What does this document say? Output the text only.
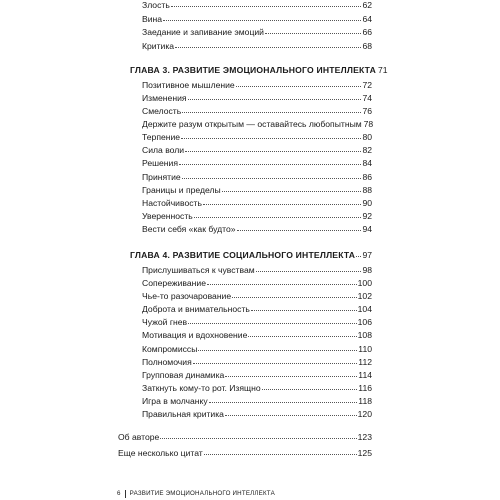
Злость	62
Вина	64
Заедание и запивание эмоций	66
Критика	68
ГЛАВА 3. РАЗВИТИЕ ЭМОЦИОНАЛЬНОГО ИНТЕЛЛЕКТА 71
Позитивное мышление	72
Изменения	74
Смелость	76
Держите разум открытым — оставайтесь любопытным 78
Терпение	80
Сила воли	82
Решения	84
Принятие	86
Границы и пределы	88
Настойчивость	90
Уверенность	92
Вести себя «как будто»	94
ГЛАВА 4. РАЗВИТИЕ СОЦИАЛЬНОГО ИНТЕЛЛЕКТА 97
Прислушиваться к чувствам	98
Сопереживание	100
Чье-то разочарование	102
Доброта и внимательность	104
Чужой гнев	106
Мотивация и вдохновение	108
Компромиссы	110
Полномочия	112
Групповая динамика	114
Заткнуть кому-то рот. Изящно	116
Игра в молчанку	118
Правильная критика	120
Об авторе	123
Еще несколько цитат	125
6	РАЗВИТИЕ ЭМОЦИОНАЛЬНОГО ИНТЕЛЛЕКТА
